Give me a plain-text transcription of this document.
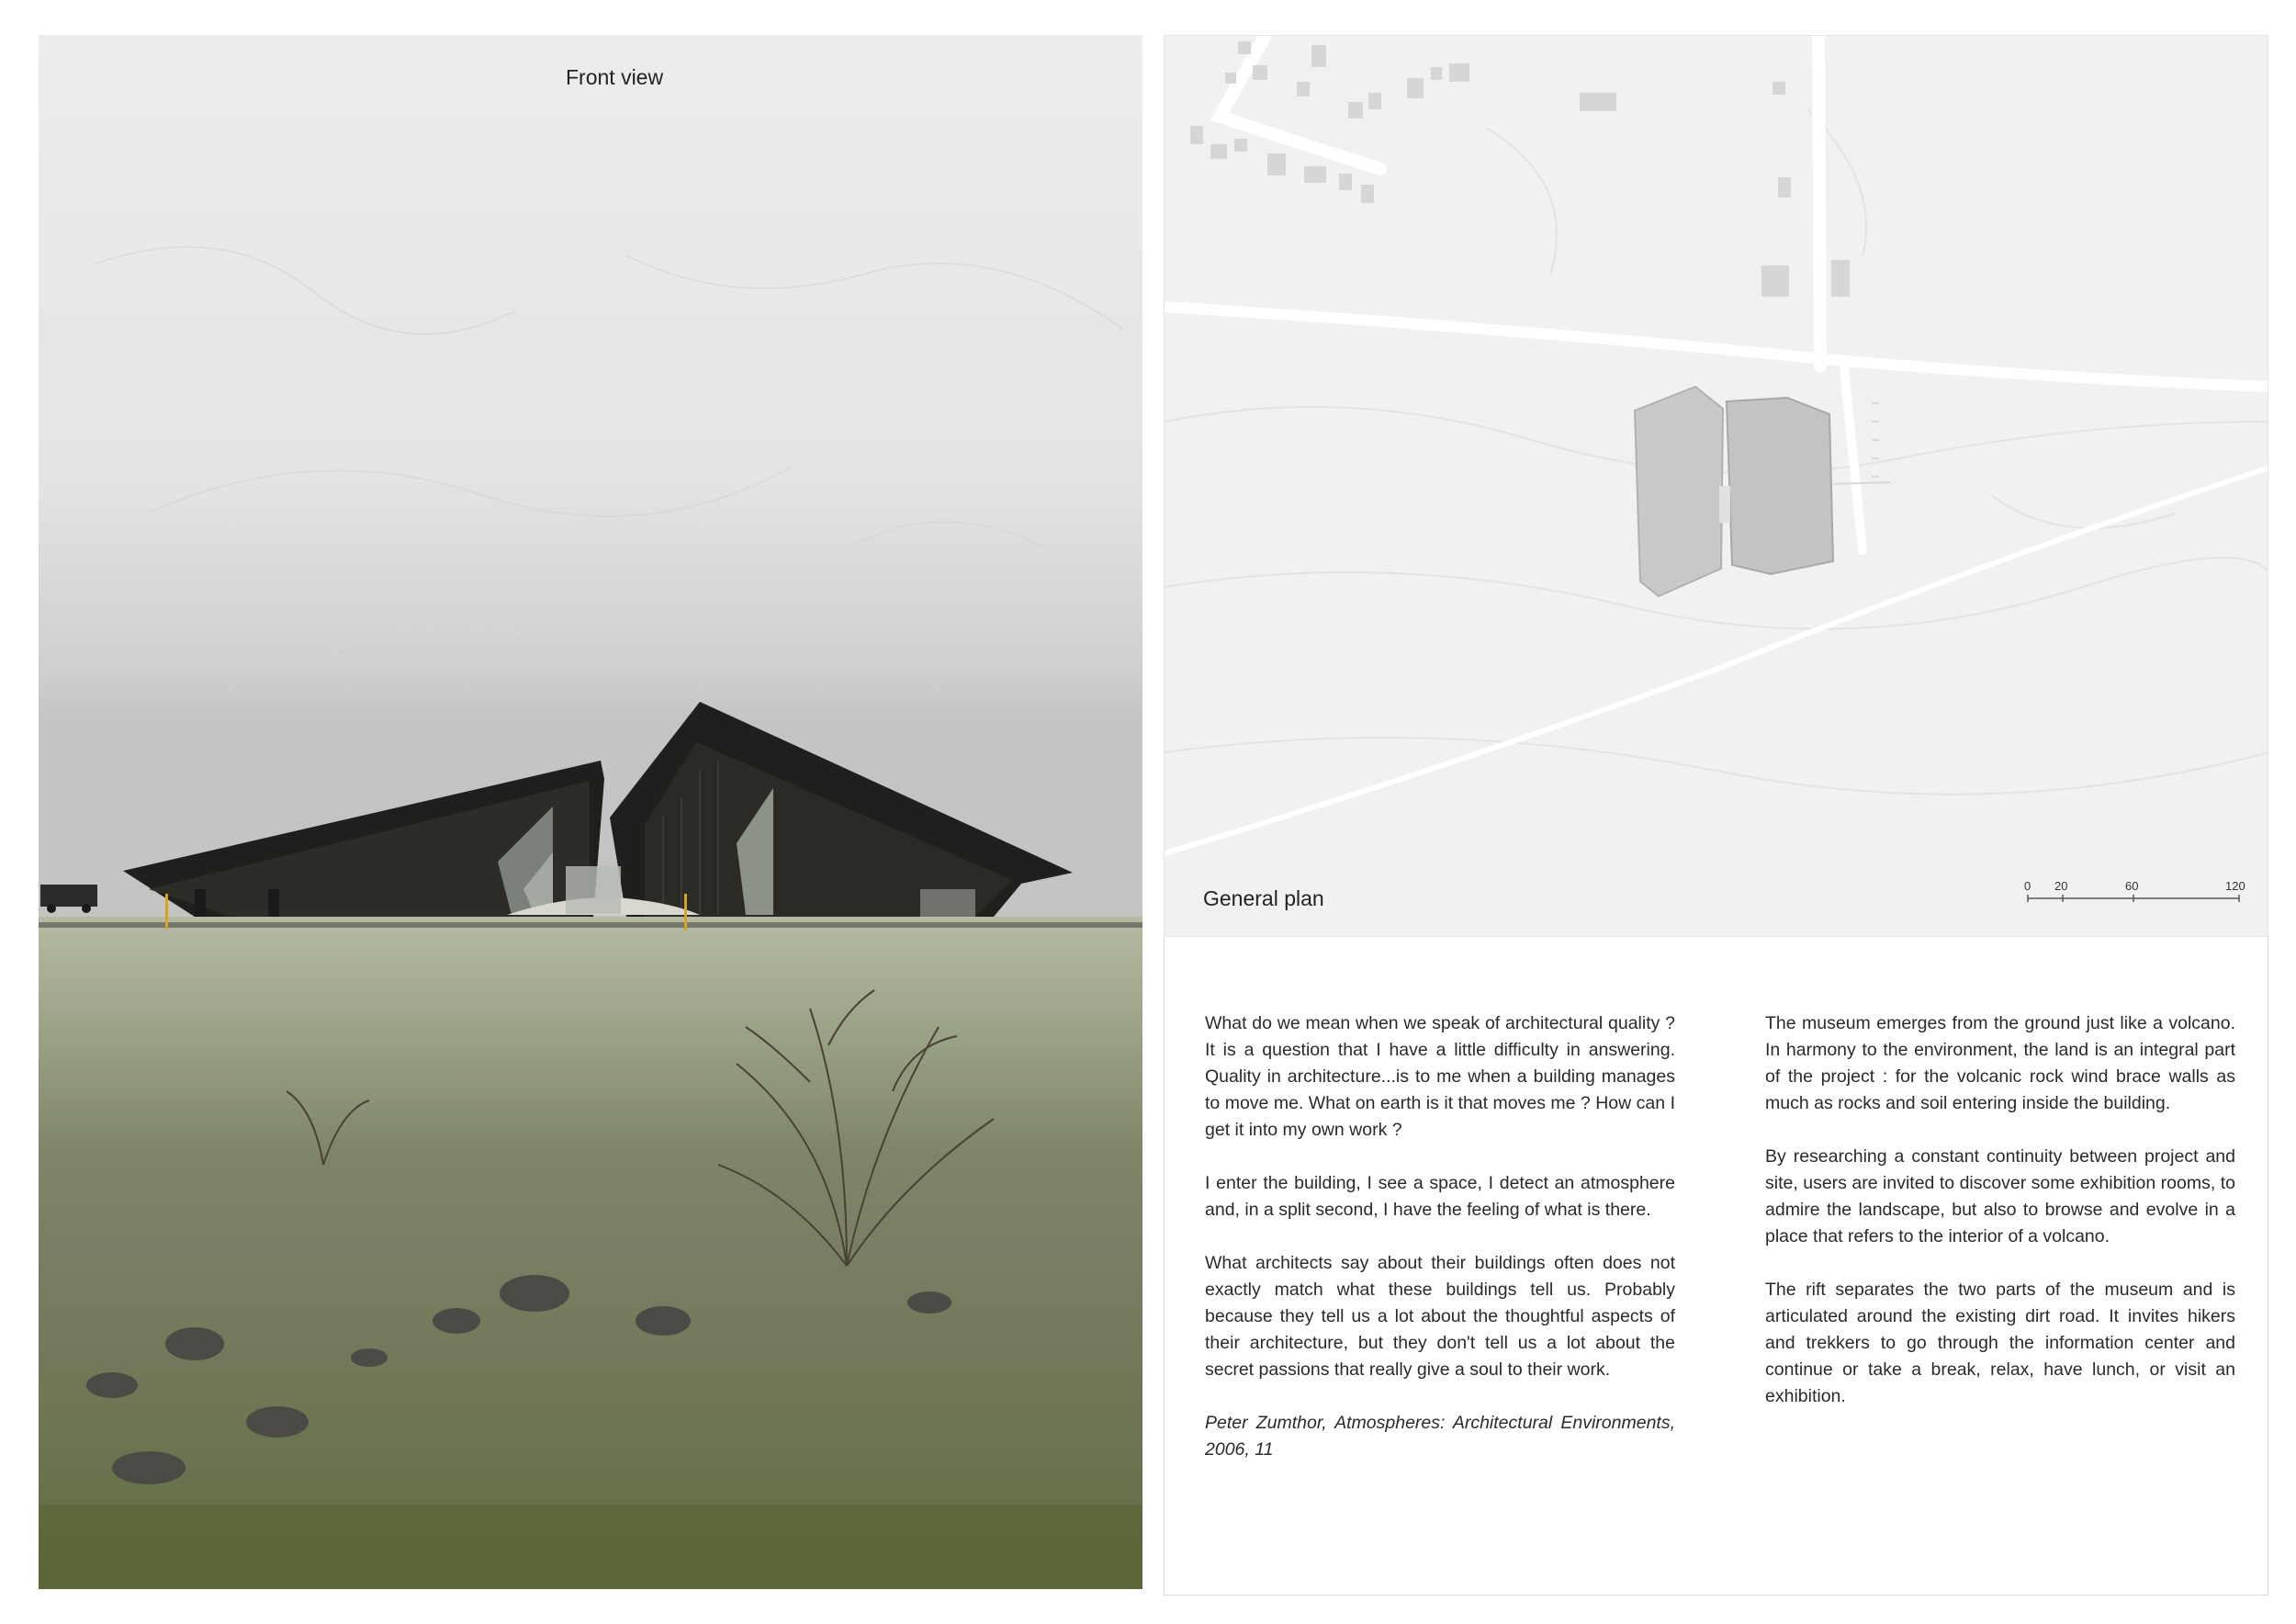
Front view
General plan
0 20	60	120

What do we mean when we speak of architectural quality ? It is a question that I have a little difficulty in answering. Quality in architecture...is to me when a building manages to move me. What on earth is it that moves me ? How can I get it into my own work ?

I enter the building, I see a space, I detect an atmosphere and, in a split second, I have the feeling of what is there.

What architects say about their buildings often does not exactly match what these buildings tell us. Probably because they tell us a lot about the thoughtful aspects of their architecture, but they don't tell us a lot about the secret passions that really give a soul to their work.

Peter Zumthor, Atmospheres: Architectural Environments, 2006, 11

The museum emerges from the ground just like a volcano. In harmony to the environment, the land is an integral part of the project : for the volcanic rock wind brace walls as much as rocks and soil entering inside the building.

By researching a constant continuity between project and site, users are invited to discover some exhibition rooms, to admire the landscape, but also to browse and evolve in a place that refers to the interior of a volcano.

The rift separates the two parts of the museum and is articulated around the existing dirt road. It invites hikers and trekkers to go through the information center and continue or take a break, relax, have lunch, or visit an exhibition.
